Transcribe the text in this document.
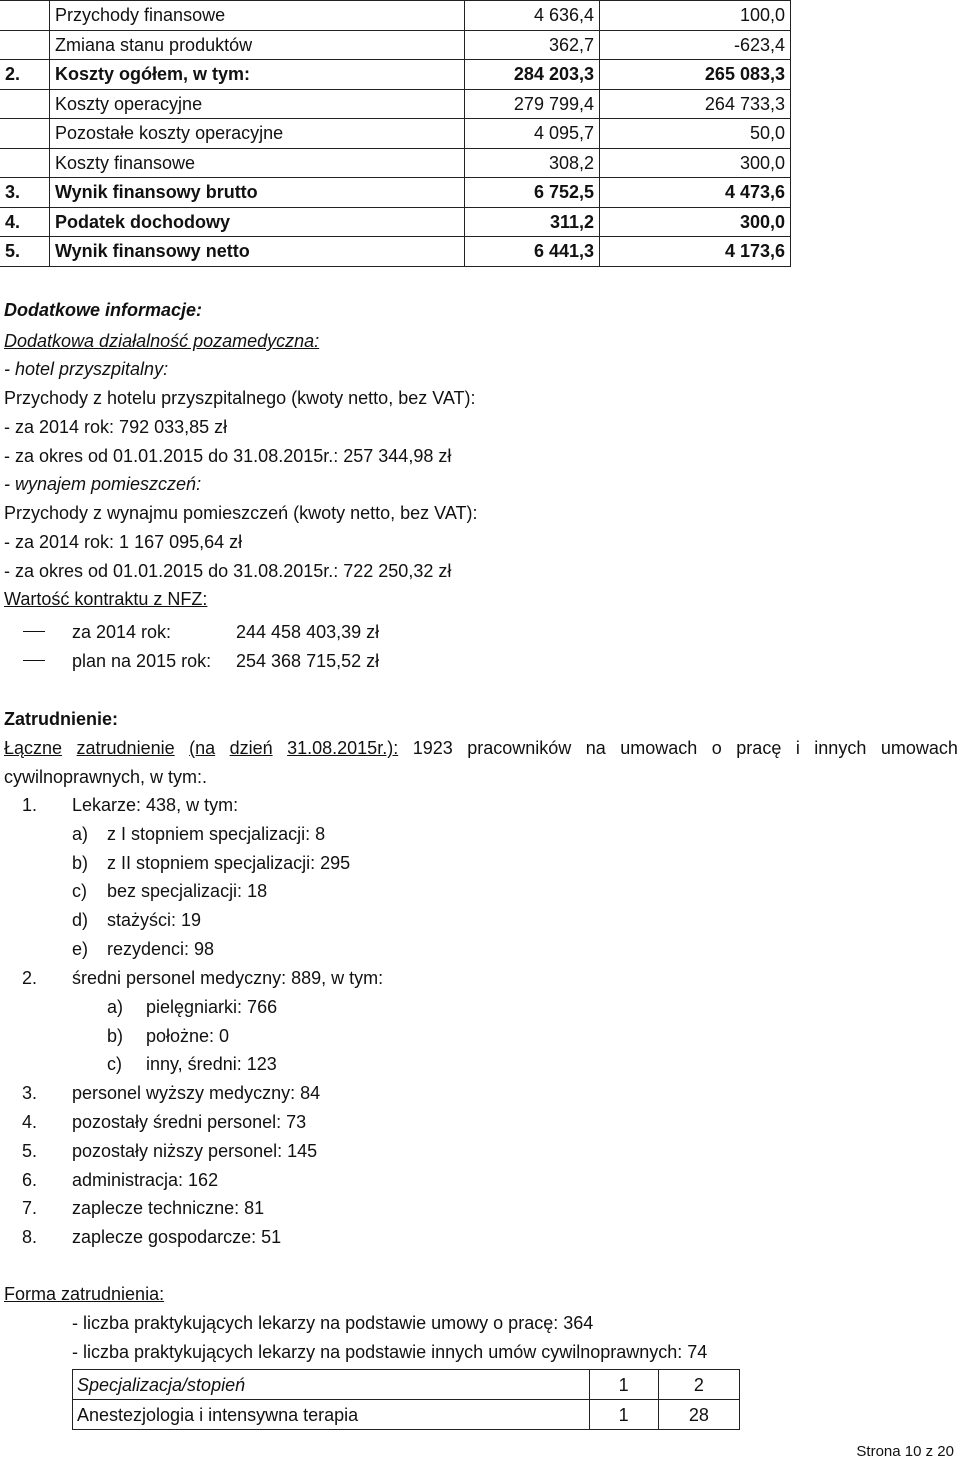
	Przychody finansowe	4 636,4	100,0
	Zmiana stanu produktów	362,7	-623,4
2.	Koszty ogółem, w tym:	284 203,3	265 083,3
	Koszty operacyjne	279 799,4	264 733,3
	Pozostałe koszty operacyjne	4 095,7	50,0
	Koszty finansowe	308,2	300,0
3.	Wynik finansowy brutto	6 752,5	4 473,6
4.	Podatek dochodowy	311,2	300,0
5.	Wynik finansowy netto	6 441,3	4 173,6
Dodatkowe informacje:
Dodatkowa działalność pozamedyczna:
- hotel przyszpitalny:
Przychody z hotelu przyszpitalnego (kwoty netto, bez VAT):
- za 2014 rok: 792 033,85 zł
- za okres od 01.01.2015 do 31.08.2015r.: 257 344,98 zł
- wynajem pomieszczeń:
Przychody z wynajmu pomieszczeń (kwoty netto, bez VAT):
- za 2014 rok: 1 167 095,64 zł
- za okres od 01.01.2015 do 31.08.2015r.: 722 250,32 zł
Wartość kontraktu z NFZ:
za 2014 rok:	244 458 403,39 zł
plan na 2015 rok: 254 368 715,52 zł
Zatrudnienie:
Łączne zatrudnienie (na dzień 31.08.2015r.): 1923 pracowników na umowach o pracę i innych umowach
cywilnoprawnych, w tym:.
1. Lekarze: 438, w tym:
a) z I stopniem specjalizacji: 8
b) z II stopniem specjalizacji: 295
c) bez specjalizacji: 18
d) stażyści: 19
e) rezydenci: 98
2. średni personel medyczny: 889, w tym:
a) pielęgniarki: 766
b) położne: 0
c) inny, średni: 123
3. personel wyższy medyczny: 84
4. pozostały średni personel: 73
5. pozostały niższy personel: 145
6. administracja: 162
7. zaplecze techniczne: 81
8. zaplecze gospodarcze: 51
Forma zatrudnienia:
- liczba praktykujących lekarzy na podstawie umowy o pracę: 364
- liczba praktykujących lekarzy na podstawie innych umów cywilnoprawnych: 74
Specjalizacja/stopień	1	2
Anestezjologia i intensywna terapia	1	28
Strona 10 z 20
